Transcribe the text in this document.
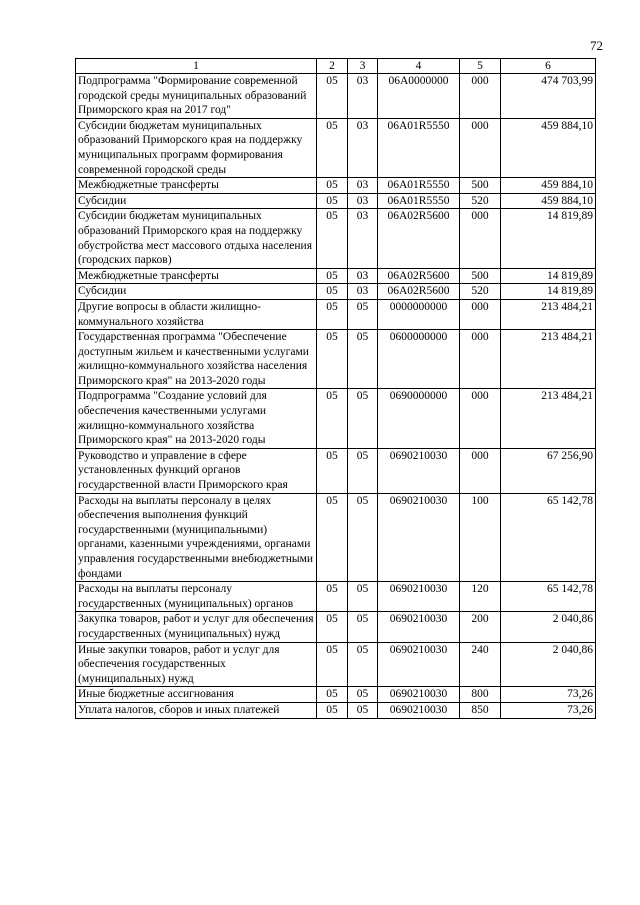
72
1	2	3	4	5	6
Подпрограмма "Формирование современной городской среды муниципальных образований Приморского края на 2017 год"	05	03	06А0000000	000	474 703,99
Субсидии бюджетам муниципальных образований Приморского края на поддержку муниципальных программ формирования современной городской среды	05	03	06А01R5550	000	459 884,10
Межбюджетные трансферты	05	03	06А01R5550	500	459 884,10
Субсидии	05	03	06А01R5550	520	459 884,10
Субсидии бюджетам муниципальных образований Приморского края на поддержку обустройства мест массового отдыха населения (городских парков)	05	03	06А02R5600	000	14 819,89
Межбюджетные трансферты	05	03	06А02R5600	500	14 819,89
Субсидии	05	03	06А02R5600	520	14 819,89
Другие вопросы в области жилищно-коммунального хозяйства	05	05	0000000000	000	213 484,21
Государственная программа "Обеспечение доступным жильем и качественными услугами жилищно-коммунального хозяйства населения Приморского края" на 2013-2020 годы	05	05	0600000000	000	213 484,21
Подпрограмма "Создание условий для обеспечения качественными услугами жилищно-коммунального хозяйства Приморского края" на 2013-2020 годы	05	05	0690000000	000	213 484,21
Руководство и управление в сфере установленных функций органов государственной власти Приморского края	05	05	0690210030	000	67 256,90
Расходы на выплаты персоналу в целях обеспечения выполнения функций государственными (муниципальными) органами, казенными учреждениями, органами управления государственными внебюджетными фондами	05	05	0690210030	100	65 142,78
Расходы на выплаты персоналу государственных (муниципальных) органов	05	05	0690210030	120	65 142,78
Закупка товаров, работ и услуг для обеспечения государственных (муниципальных) нужд	05	05	0690210030	200	2 040,86
Иные закупки товаров, работ и услуг для обеспечения государственных (муниципальных) нужд	05	05	0690210030	240	2 040,86
Иные бюджетные ассигнования	05	05	0690210030	800	73,26
Уплата налогов, сборов и иных платежей	05	05	0690210030	850	73,26
